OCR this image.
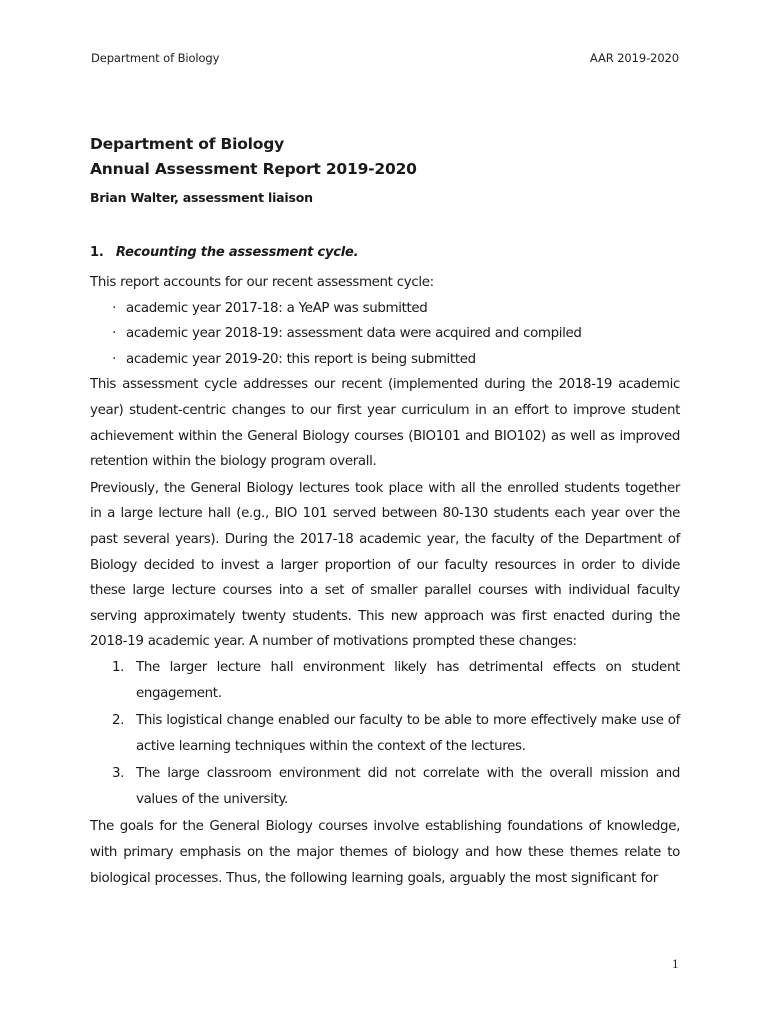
Department of Biology	AAR 2019-2020
Department of Biology
Annual Assessment Report 2019-2020
Brian Walter, assessment liaison
1. Recounting the assessment cycle.

This report accounts for our recent assessment cycle:

· academic year 2017-18: a YeAP was submitted
· academic year 2018-19: assessment data were acquired and compiled
· academic year 2019-20: this report is being submitted

This assessment cycle addresses our recent (implemented during the 2018-19 academic year) student-centric changes to our first year curriculum in an effort to improve student achievement within the General Biology courses (BIO101 and BIO102) as well as improved retention within the biology program overall.

Previously, the General Biology lectures took place with all the enrolled students together in a large lecture hall (e.g., BIO 101 served between 80-130 students each year over the past several years). During the 2017-18 academic year, the faculty of the Department of Biology decided to invest a larger proportion of our faculty resources in order to divide these large lecture courses into a set of smaller parallel courses with individual faculty serving approximately twenty students. This new approach was first enacted during the 2018-19 academic year. A number of motivations prompted these changes:

1. The larger lecture hall environment likely has detrimental effects on student engagement.
2. This logistical change enabled our faculty to be able to more effectively make use of active learning techniques within the context of the lectures.
3. The large classroom environment did not correlate with the overall mission and values of the university.

The goals for the General Biology courses involve establishing foundations of knowledge, with primary emphasis on the major themes of biology and how these themes relate to biological processes. Thus, the following learning goals, arguably the most significant for

1
